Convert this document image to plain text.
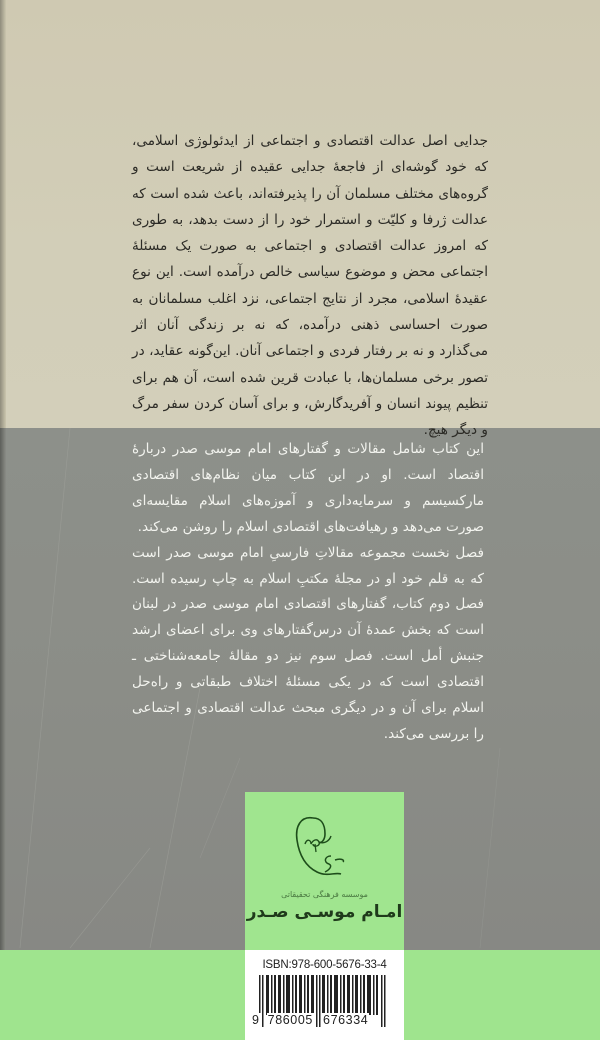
جدایی اصل عدالت اقتصادی و اجتماعی از ایدئولوژی اسلامی، که خود گوشه‌ای از فاجعهٔ جدایی عقیده از شریعت است و گروه‌های مختلف مسلمان آن را پذیرفته‌اند، باعث شده است که عدالت ژرفا و کلیّت و استمرار خود را از دست بدهد، به طوری که امروز عدالت اقتصادی و اجتماعی به صورت یک مسئلهٔ اجتماعی محض و موضوع سیاسی خالص درآمده است. این نوع عقیدهٔ اسلامی، مجرد از نتایج اجتماعی، نزد اغلب مسلمانان به صورت احساسی ذهنی درآمده، که نه بر زندگی آنان اثر می‌گذارد و نه بر رفتار فردی و اجتماعی آنان. این‌گونه عقاید، در تصور برخی مسلمان‌ها، با عبادت قرین شده است، آن هم برای تنظیم پیوند انسان و آفریدگارش، و برای آسان کردن سفر مرگ و دیگر هیچ.

این کتاب شامل مقالات و گفتارهای امام موسی صدر دربارهٔ اقتصاد است. او در این کتاب میان نظام‌های اقتصادی مارکسیسم و سرمایه‌داری و آموزه‌های اسلام مقایسه‌ای صورت می‌دهد و رهیافت‌های اقتصادی اسلام را روشن می‌کند.

فصل نخست مجموعه مقالاتِ فارسیِ امام موسی صدر است که به قلم خود او در مجلهٔ مکتبِ اسلام به چاپ رسیده است. فصل دوم کتاب، گفتارهای اقتصادی امام موسی صدر در لبنان است که بخش عمدهٔ آن درس‌گفتارهای وی برای اعضای ارشد جنبش أمل است. فصل سوم نیز دو مقالهٔ جامعه‌شناختی ـ اقتصادی است که در یکی مسئلهٔ اختلاف طبقاتی و راه‌حل اسلام برای آن و در دیگری مبحث عدالت اقتصادی و اجتماعی را بررسی می‌کند.

موسسه فرهنگی تحقیقاتی
امـام موسـی صـدر
ISBN:978-600-5676-33-4
9 786005 676334
